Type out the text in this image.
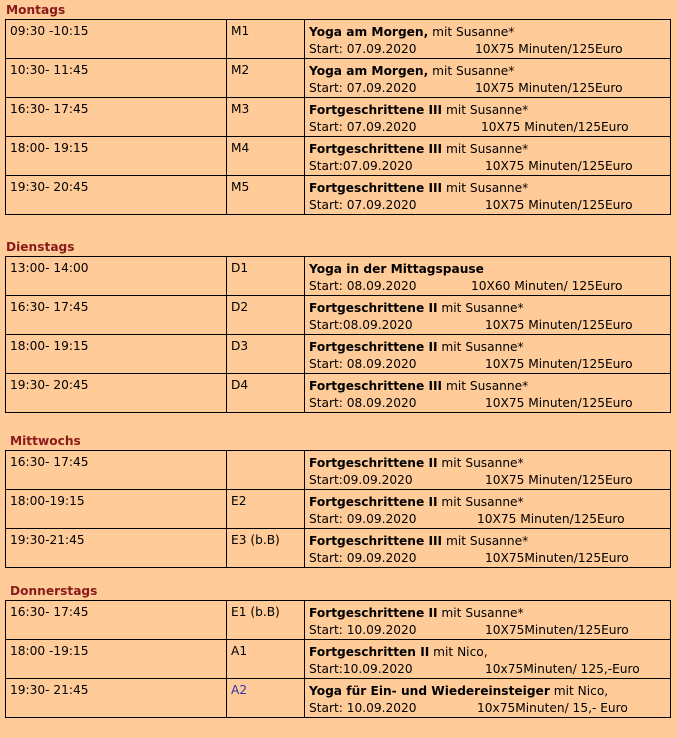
Montags
09:30 -10:15	M1	Yoga am Morgen, mit Susanne*
Start: 07.09.2020 10X75 Minuten/125Euro

10:30- 11:45	M2	Yoga am Morgen, mit Susanne*
Start: 07.09.2020 10X75 Minuten/125Euro

16:30- 17:45	M3	Fortgeschrittene III mit Susanne*
Start: 07.09.2020 10X75 Minuten/125Euro

18:00- 19:15	M4	Fortgeschrittene III mit Susanne*
Start:07.09.2020 10X75 Minuten/125Euro

19:30- 20:45	M5	Fortgeschrittene III mit Susanne*
Start: 07.09.2020 10X75 Minuten/125Euro
Dienstags
13:00- 14:00	D1	Yoga in der Mittagspause
Start: 08.09.2020 10X60 Minuten/ 125Euro

16:30- 17:45	D2	Fortgeschrittene II mit Susanne*
Start:08.09.2020 10X75 Minuten/125Euro

18:00- 19:15	D3	Fortgeschrittene II mit Susanne*
Start: 08.09.2020 10X75 Minuten/125Euro

19:30- 20:45	D4	Fortgeschrittene III mit Susanne*
Start: 08.09.2020 10X75 Minuten/125Euro
Mittwochs
16:30- 17:45		Fortgeschrittene II mit Susanne*
Start:09.09.2020 10X75 Minuten/125Euro

18:00-19:15	E2	Fortgeschrittene II mit Susanne*
Start: 09.09.2020 10X75 Minuten/125Euro

19:30-21:45	E3 (b.B)	Fortgeschrittene III mit Susanne*
Start: 09.09.2020 10X75Minuten/125Euro
Donnerstags
16:30- 17:45	E1 (b.B)	Fortgeschrittene II mit Susanne*
Start: 10.09.2020 10X75Minuten/125Euro

18:00 -19:15	A1	Fortgeschritten II mit Nico,
Start:10.09.2020 10x75Minuten/ 125,-Euro

19:30- 21:45	A2	Yoga für Ein- und Wiedereinsteiger mit Nico,
Start: 10.09.2020 10x75Minuten/ 15,- Euro
